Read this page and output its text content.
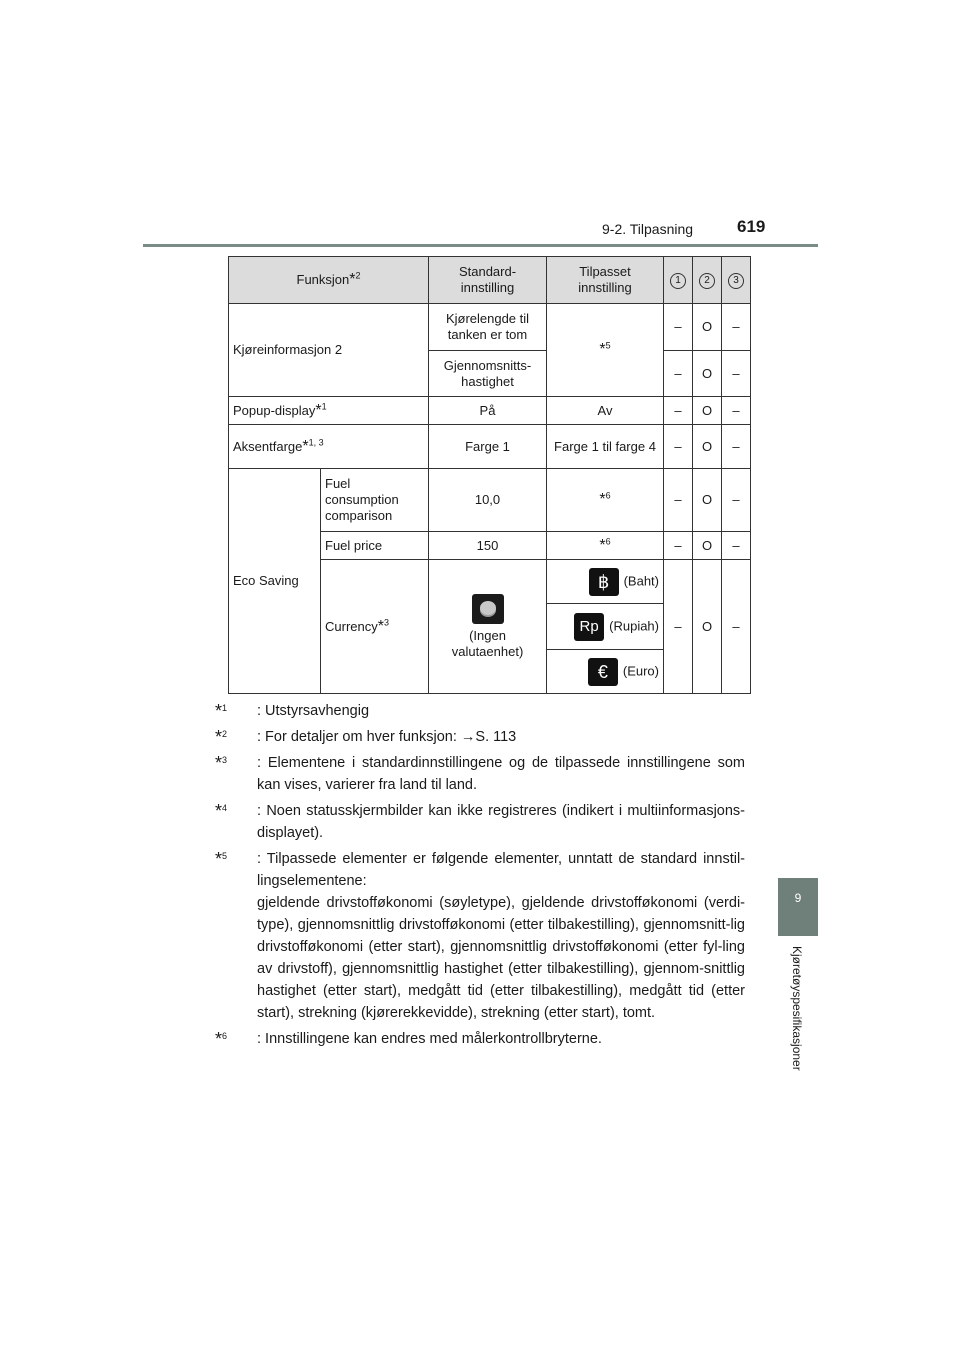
9-2. Tilpasning	619
9
Kjøretøyspesifikasjoner
Funksjon*$^2$		Standard-innstilling	Tilpasset innstilling	1	2	3
Kjøreinformasjon 2		Kjørelengde til tanken er tom	*$^5$	–	O	–
		Gjennomsnitts-hastighet		–	O	–
Popup-display*$^1$		På	Av	–	O	–
Aksentfarge*$^{1, 3}$		Farge 1	Farge 1 til farge 4	–	O	–
Eco Saving	Fuel consumption comparison	10,0	*$^6$	–	O	–
	Fuel price	150	*$^6$	–	O	–
	Currency*$^3$	(Ingen valutaenhet)	฿ (Baht)	–	O	–
			Rp (Rupiah)			
			€ (Euro)			
*$^1$ : Utstyrsavhengig
*$^2$ : For detaljer om hver funksjon: →S. 113
*$^3$ : Elementene i standardinnstillingene og de tilpassede innstillingene som kan vises, varierer fra land til land.
*$^4$ : Noen statusskjermbilder kan ikke registreres (indikert i multiinformasjons-displayet).
*$^5$ : Tilpassede elementer er følgende elementer, unntatt de standard innstil-lingselementene:
gjeldende drivstofføkonomi (søyletype), gjeldende drivstofføkonomi (verdi-type), gjennomsnittlig drivstofføkonomi (etter tilbakestilling), gjennomsnitt-lig drivstofføkonomi (etter start), gjennomsnittlig drivstofføkonomi (etter fyl-ling av drivstoff), gjennomsnittlig hastighet (etter tilbakestilling), gjennom-snittlig hastighet (etter start), medgått tid (etter tilbakestilling), medgått tid (etter start), strekning (kjørerekkevidde), strekning (etter start), tomt.
*$^6$ : Innstillingene kan endres med målerkontrollbryterne.
